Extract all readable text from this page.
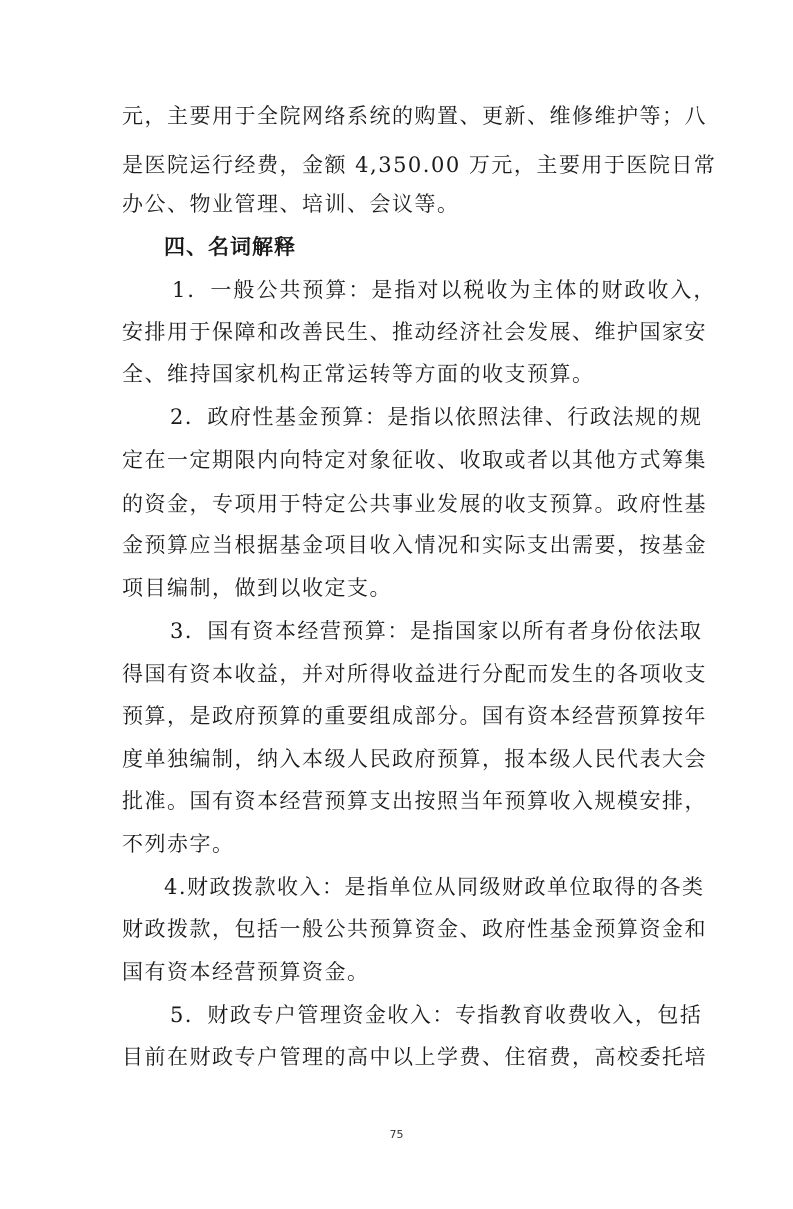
元，主要用于全院网络系统的购置、更新、维修维护等；八
是医院运行经费，金额 4,350.00 万元，主要用于医院日常
办公、物业管理、培训、会议等。
四、名词解释
1．一般公共预算：是指对以税收为主体的财政收入，
安排用于保障和改善民生、推动经济社会发展、维护国家安
全、维持国家机构正常运转等方面的收支预算。
2．政府性基金预算：是指以依照法律、行政法规的规
定在一定期限内向特定对象征收、收取或者以其他方式筹集
的资金，专项用于特定公共事业发展的收支预算。政府性基
金预算应当根据基金项目收入情况和实际支出需要，按基金
项目编制，做到以收定支。
3．国有资本经营预算：是指国家以所有者身份依法取
得国有资本收益，并对所得收益进行分配而发生的各项收支
预算，是政府预算的重要组成部分。国有资本经营预算按年
度单独编制，纳入本级人民政府预算，报本级人民代表大会
批准。国有资本经营预算支出按照当年预算收入规模安排，
不列赤字。
4.财政拨款收入：是指单位从同级财政单位取得的各类
财政拨款，包括一般公共预算资金、政府性基金预算资金和
国有资本经营预算资金。
5．财政专户管理资金收入：专指教育收费收入，包括
目前在财政专户管理的高中以上学费、住宿费，高校委托培
75
